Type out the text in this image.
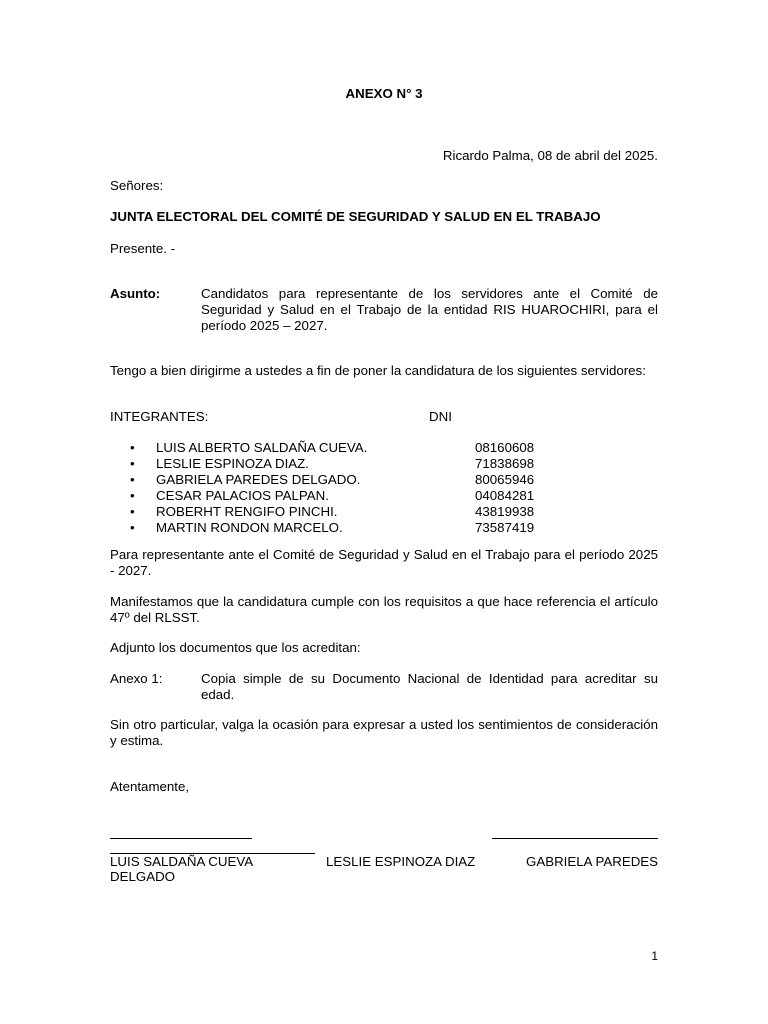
ANEXO N° 3
Ricardo Palma, 08 de abril del 2025.
Señores:
JUNTA ELECTORAL DEL COMITÉ DE SEGURIDAD Y SALUD EN EL TRABAJO
Presente. -
Asunto:	Candidatos para representante de los servidores ante el Comité de Seguridad y Salud en el Trabajo de la entidad RIS HUAROCHIRI, para el período 2025 – 2027.
Tengo a bien dirigirme a ustedes a fin de poner la candidatura de los siguientes servidores:
INTEGRANTES:	DNI
• LUIS ALBERTO SALDAÑA CUEVA.	08160608
• LESLIE ESPINOZA DIAZ.	71838698
• GABRIELA PAREDES DELGADO.	80065946
• CESAR PALACIOS PALPAN.	04084281
• ROBERHT RENGIFO PINCHI.	43819938
• MARTIN RONDON MARCELO.	73587419
Para representante ante el Comité de Seguridad y Salud en el Trabajo para el período 2025 - 2027.
Manifestamos que la candidatura cumple con los requisitos a que hace referencia el artículo 47º del RLSST.
Adjunto los documentos que los acreditan:
Anexo 1:	Copia simple de su Documento Nacional de Identidad para acreditar su edad.
Sin otro particular, valga la ocasión para expresar a usted los sentimientos de consideración y estima.
Atentamente,
LUIS SALDAÑA CUEVA	LESLIE ESPINOZA DIAZ	GABRIELA PAREDES
DELGADO
1
